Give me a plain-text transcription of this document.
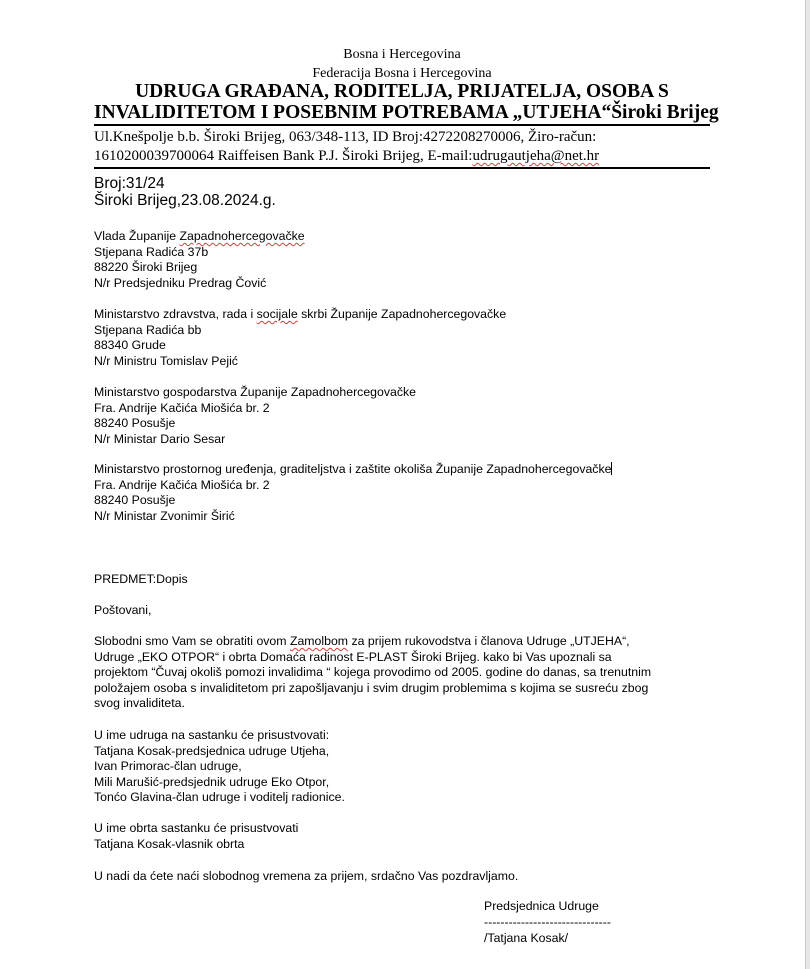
Bosna i Hercegovina
Federacija Bosna i Hercegovina
UDRUGA GRAĐANA, RODITELJA, PRIJATELJA, OSOBA S
INVALIDITETOM I POSEBNIM POTREBAMA „UTJEHA“Široki Brijeg
Ul.Knešpolje b.b. Široki Brijeg, 063/348-113, ID Broj:4272208270006, Žiro-račun:
1610200039700064 Raiffeisen Bank P.J. Široki Brijeg, E-mail:udrugautjeha@net.hr
Broj:31/24
Široki Brijeg,23.08.2024.g.
Vlada Županije Zapadnohercegovačke
Stjepana Radića 37b
88220 Široki Brijeg
N/r Predsjedniku Predrag Čović
Ministarstvo zdravstva, rada i socijale skrbi Županije Zapadnohercegovačke
Stjepana Radića bb
88340 Grude
N/r Ministru Tomislav Pejić
Ministarstvo gospodarstva Županije Zapadnohercegovačke
Fra. Andrije Kačića Miošića br. 2
88240 Posušje
N/r Ministar Dario Sesar
Ministarstvo prostornog uređenja, graditeljstva i zaštite okoliša Županije Zapadnohercegovačke
Fra. Andrije Kačića Miošića br. 2
88240 Posušje
N/r Ministar Zvonimir Širić
PREDMET:Dopis
Poštovani,
Slobodni smo Vam se obratiti ovom Zamolbom za prijem rukovodstva i članova Udruge „UTJEHA“,
Udruge „EKO OTPOR“ i obrta Domaća radinost E-PLAST Široki Brijeg. kako bi Vas upoznali sa
projektom “Čuvaj okoliš pomozi invalidima “ kojega provodimo od 2005. godine do danas, sa trenutnim
položajem osoba s invaliditetom pri zapošljavanju i svim drugim problemima s kojima se susreću zbog
svog invaliditeta.
U ime udruga na sastanku će prisustvovati:
Tatjana Kosak-predsjednica udruge Utjeha,
Ivan Primorac-član udruge,
Mili Marušić-predsjednik udruge Eko Otpor,
Tonćo Glavina-član udruge i voditelj radionice.
U ime obrta sastanku će prisustvovati
Tatjana Kosak-vlasnik obrta
U nadi da ćete naći slobodnog vremena za prijem, srdačno Vas pozdravljamo.
Predsjednica Udruge
-------------------------------
/Tatjana Kosak/
